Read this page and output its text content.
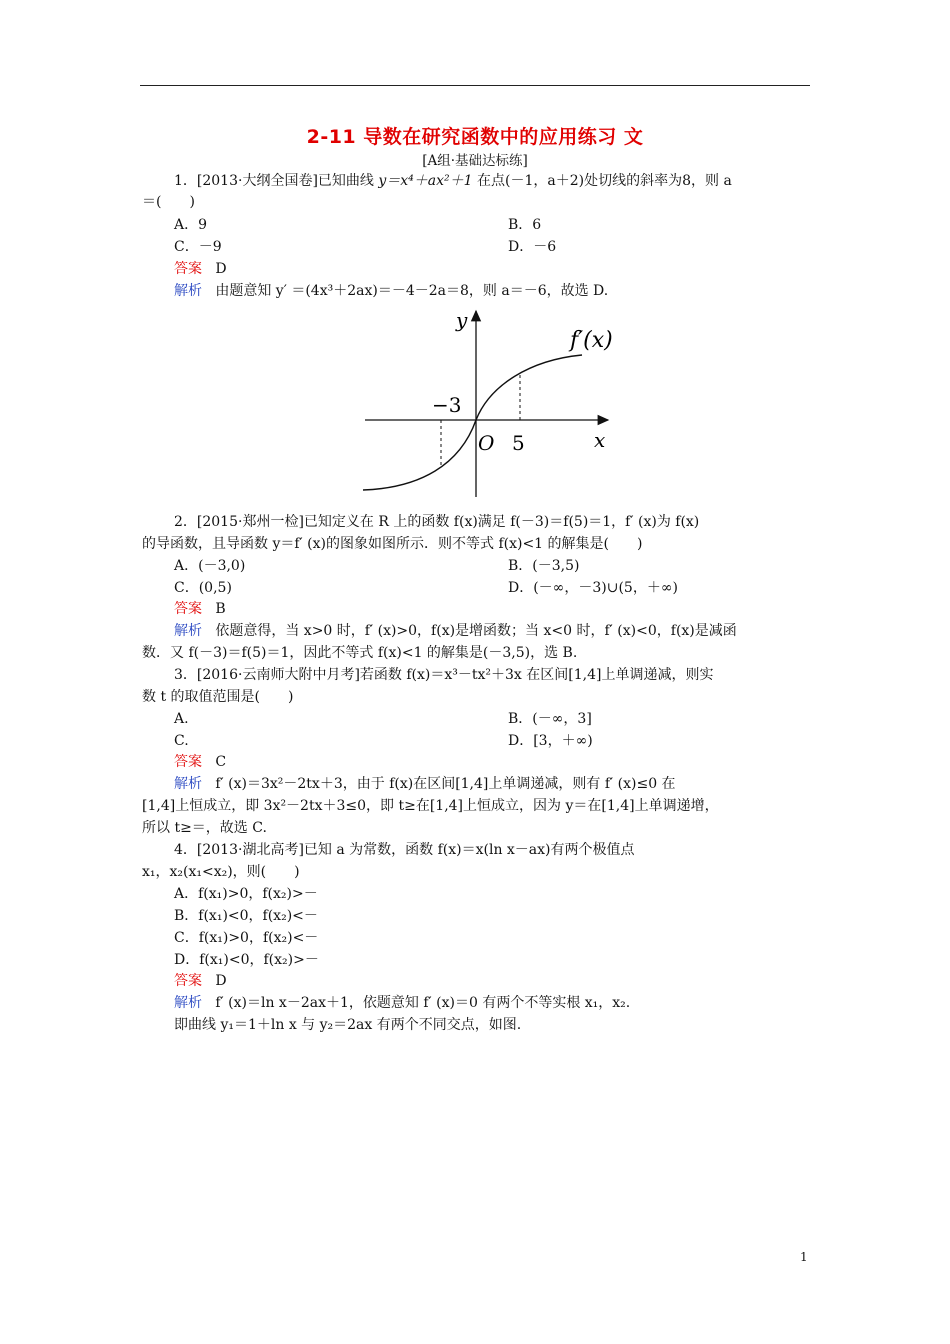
2-11 导数在研究函数中的应用练习 文
[A组·基础达标练]
1．[2013·大纲全国卷]已知曲线 y＝x⁴＋ax²＋1 在点(－1，a＋2)处切线的斜率为8，则 a
＝(　　)
A．9	B．6
C．－9	D．－6
答案 D
解析 由题意知 y′ ＝(4x³＋2ax)＝－4－2a＝8，则 a＝－6，故选 D.
y
x
O
−3
5
f′(x)
2．[2015·郑州一检]已知定义在 R 上的函数 f(x)满足 f(－3)＝f(5)＝1，f′ (x)为 f(x)
的导函数，且导函数 y＝f′ (x)的图象如图所示．则不等式 f(x)<1 的解集是(　　)
A．(－3,0)	B．(－3,5)
C．(0,5)	D．(－∞，－3)∪(5，＋∞)
答案 B
解析 依题意得，当 x>0 时，f′ (x)>0，f(x)是增函数；当 x<0 时，f′ (x)<0，f(x)是减函
数．又 f(－3)＝f(5)＝1，因此不等式 f(x)<1 的解集是(－3,5)，选 B.
3．[2016·云南师大附中月考]若函数 f(x)＝x³－tx²＋3x 在区间[1,4]上单调递减，则实
数 t 的取值范围是(　　)
A.	B．(－∞，3]
C.	D．[3，＋∞)
答案 C
解析 f′ (x)＝3x²－2tx＋3，由于 f(x)在区间[1,4]上单调递减，则有 f′ (x)≤0 在
[1,4]上恒成立，即 3x²－2tx＋3≤0，即 t≥在[1,4]上恒成立，因为 y＝在[1,4]上单调递增，
所以 t≥＝，故选 C.
4．[2013·湖北高考]已知 a 为常数，函数 f(x)＝x(ln x－ax)有两个极值点
x₁，x₂(x₁<x₂)，则(　　)
A．f(x₁)>0，f(x₂)>－
B．f(x₁)<0，f(x₂)<－
C．f(x₁)>0，f(x₂)<－
D．f(x₁)<0，f(x₂)>－
答案 D
解析 f′ (x)＝ln x－2ax＋1，依题意知 f′ (x)＝0 有两个不等实根 x₁，x₂.
即曲线 y₁＝1＋ln x 与 y₂＝2ax 有两个不同交点，如图.
1
